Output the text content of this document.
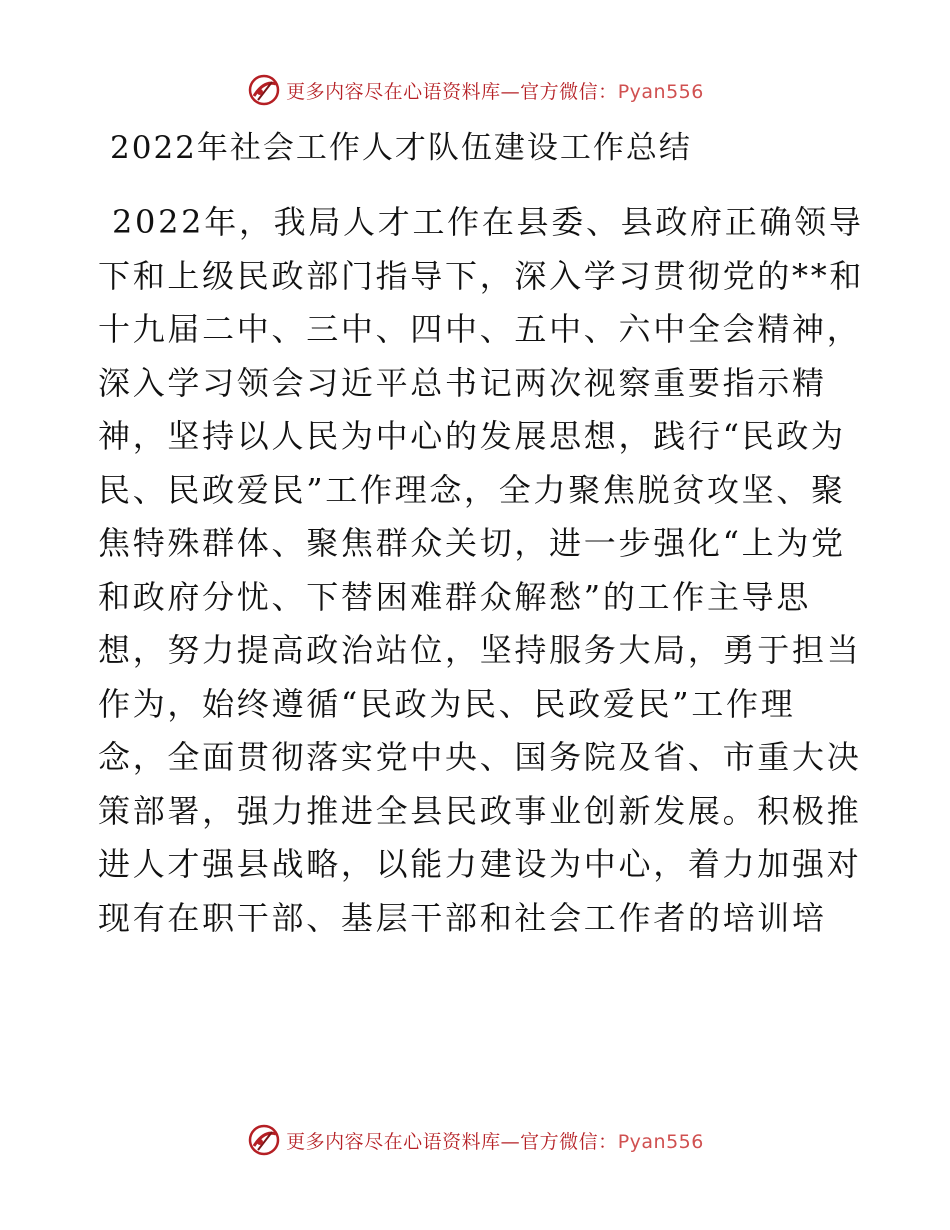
更多内容尽在心语资料库—官方微信：Pyan556
2022年社会工作人才队伍建设工作总结
2022年，我局人才工作在县委、县政府正确领导
下和上级民政部门指导下，深入学习贯彻党的**和
十九届二中、三中、四中、五中、六中全会精神，
深入学习领会习近平总书记两次视察重要指示精
神，坚持以人民为中心的发展思想，践行“民政为
民、民政爱民”工作理念，全力聚焦脱贫攻坚、聚
焦特殊群体、聚焦群众关切，进一步强化“上为党
和政府分忧、下替困难群众解愁”的工作主导思
想，努力提高政治站位，坚持服务大局，勇于担当
作为，始终遵循“民政为民、民政爱民”工作理
念，全面贯彻落实党中央、国务院及省、市重大决
策部署，强力推进全县民政事业创新发展。积极推
进人才强县战略，以能力建设为中心，着力加强对
现有在职干部、基层干部和社会工作者的培训培
更多内容尽在心语资料库—官方微信：Pyan556
